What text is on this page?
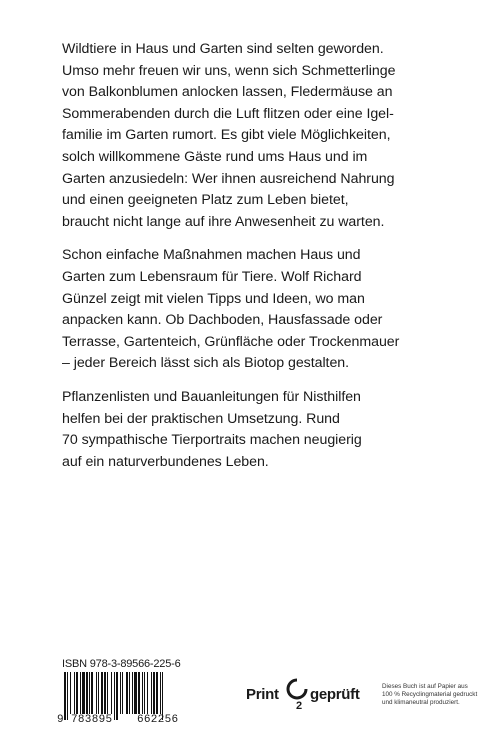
Wildtiere in Haus und Garten sind selten geworden.
Umso mehr freuen wir uns, wenn sich Schmetterlinge
von Balkonblumen anlocken lassen, Fledermäuse an
Sommerabenden durch die Luft flitzen oder eine Igel-
familie im Garten rumort. Es gibt viele Möglichkeiten,
solch willkommene Gäste rund ums Haus und im
Garten anzusiedeln: Wer ihnen ausreichend Nahrung
und einen geeigneten Platz zum Leben bietet,
braucht nicht lange auf ihre Anwesenheit zu warten.

Schon einfache Maßnahmen machen Haus und
Garten zum Lebensraum für Tiere. Wolf Richard
Günzel zeigt mit vielen Tipps und Ideen, wo man
anpacken kann. Ob Dachboden, Hausfassade oder
Terrasse, Gartenteich, Grünfläche oder Trockenmauer
– jeder Bereich lässt sich als Biotop gestalten.

Pflanzenlisten und Bauanleitungen für Nisthilfen
helfen bei der praktischen Umsetzung. Rund
70 sympathische Tierportraits machen neugierig
auf ein naturverbundenes Leben.

ISBN 978-3-89566-225-6
9 783895 662256
Print
2
geprüft	Dieses Buch ist auf Papier aus
100 % Recyclingmaterial gedruckt
und klimaneutral produziert.
